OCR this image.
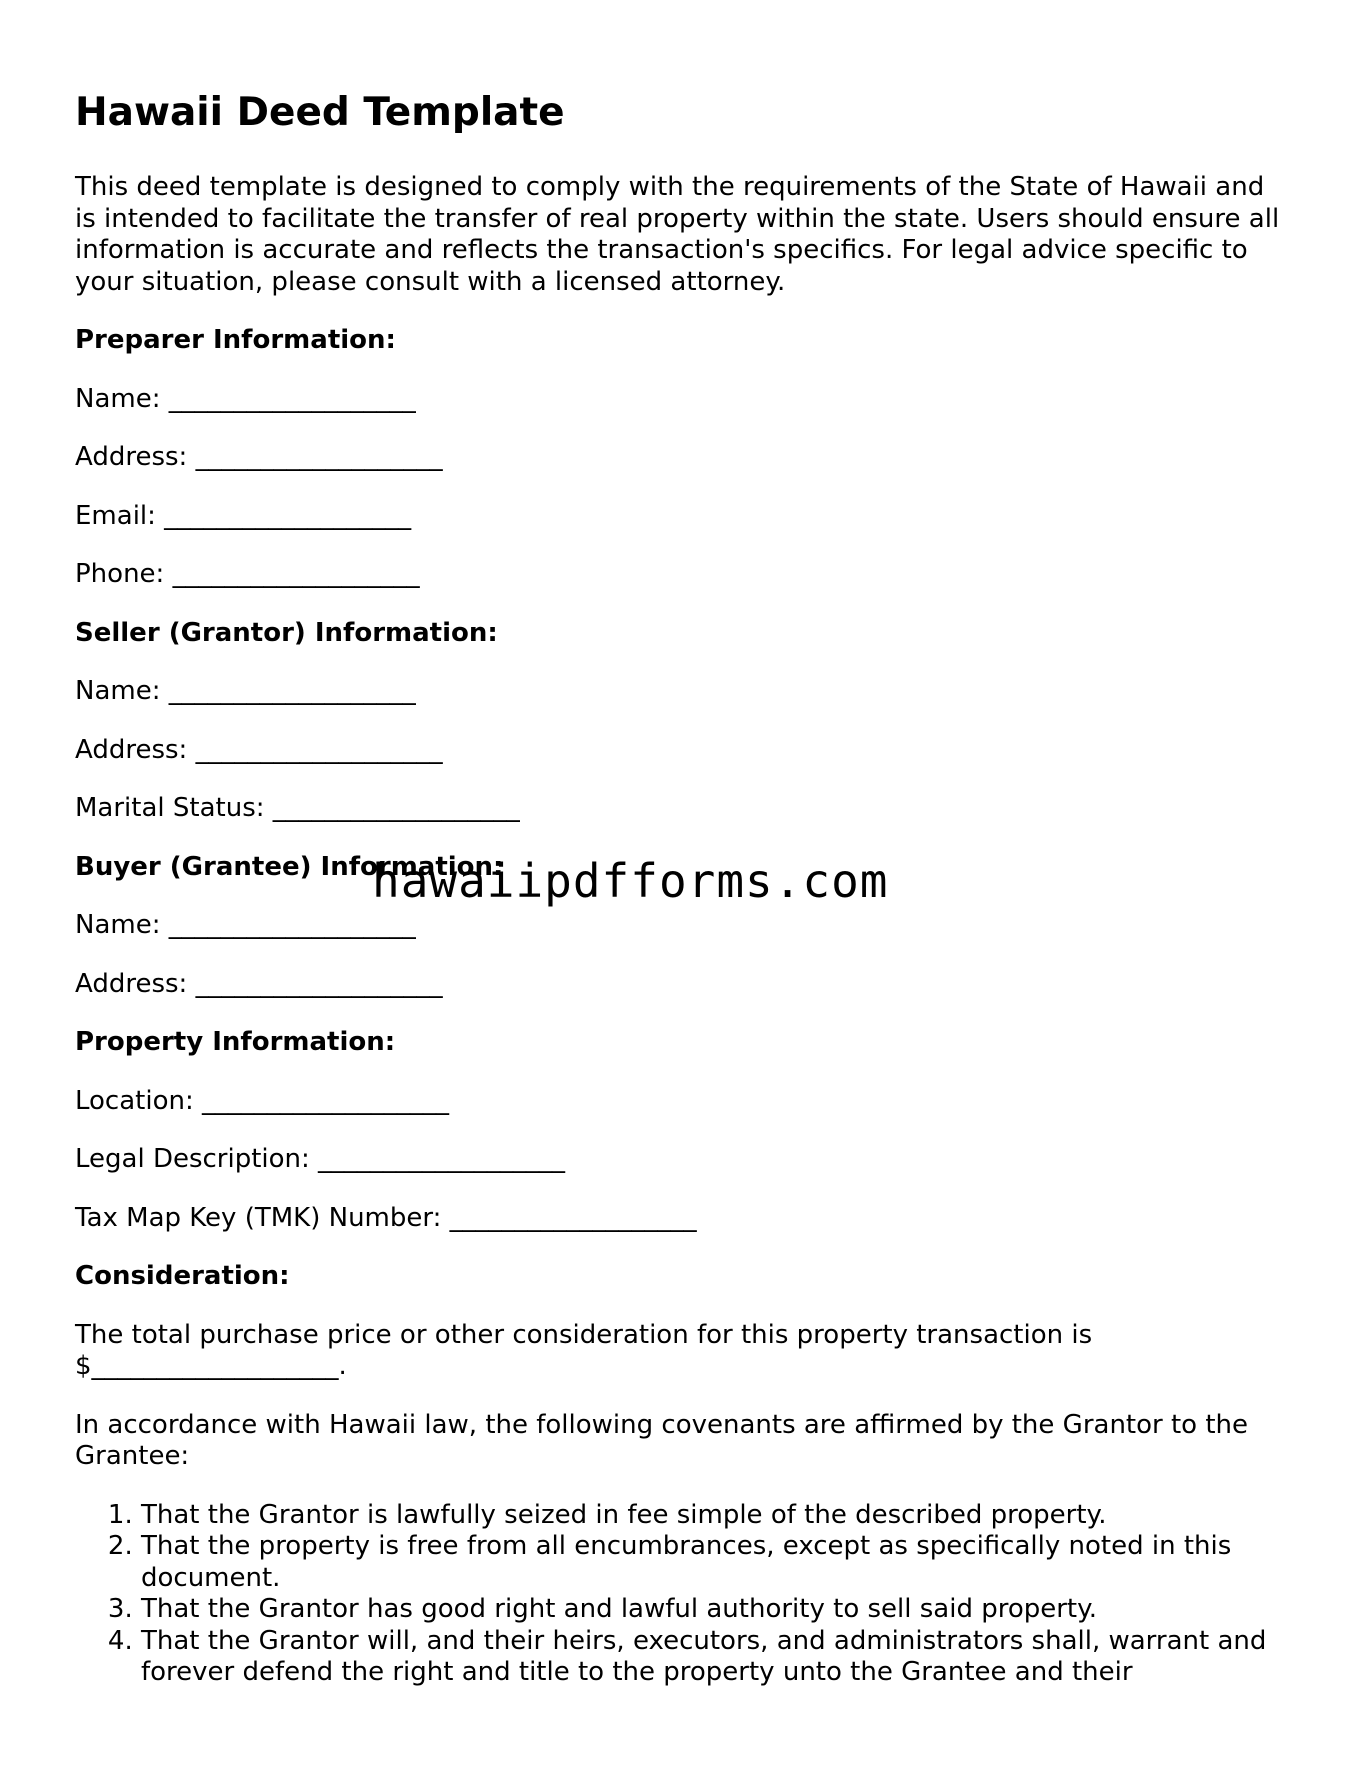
Hawaii Deed Template

This deed template is designed to comply with the requirements of the State of Hawaii and is intended to facilitate the transfer of real property within the state. Users should ensure all information is accurate and reflects the transaction's specifics. For legal advice specific to your situation, please consult with a licensed attorney.

Preparer Information:
Name: ___________________
Address: ___________________
Email: ___________________
Phone: ___________________
Seller (Grantor) Information:
Name: ___________________
Address: ___________________
Marital Status: ___________________
Buyer (Grantee) Information:
Name: ___________________
Address: ___________________
Property Information:
Location: ___________________
Legal Description: ___________________
Tax Map Key (TMK) Number: ___________________
Consideration:

The total purchase price or other consideration for this property transaction is $___________________.

In accordance with Hawaii law, the following covenants are affirmed by the Grantor to the Grantee:

1. That the Grantor is lawfully seized in fee simple of the described property.
2. That the property is free from all encumbrances, except as specifically noted in this document.
3. That the Grantor has good right and lawful authority to sell said property.
4. That the Grantor will, and their heirs, executors, and administrators shall, warrant and forever defend the right and title to the property unto the Grantee and their
hawaiipdfforms.com
